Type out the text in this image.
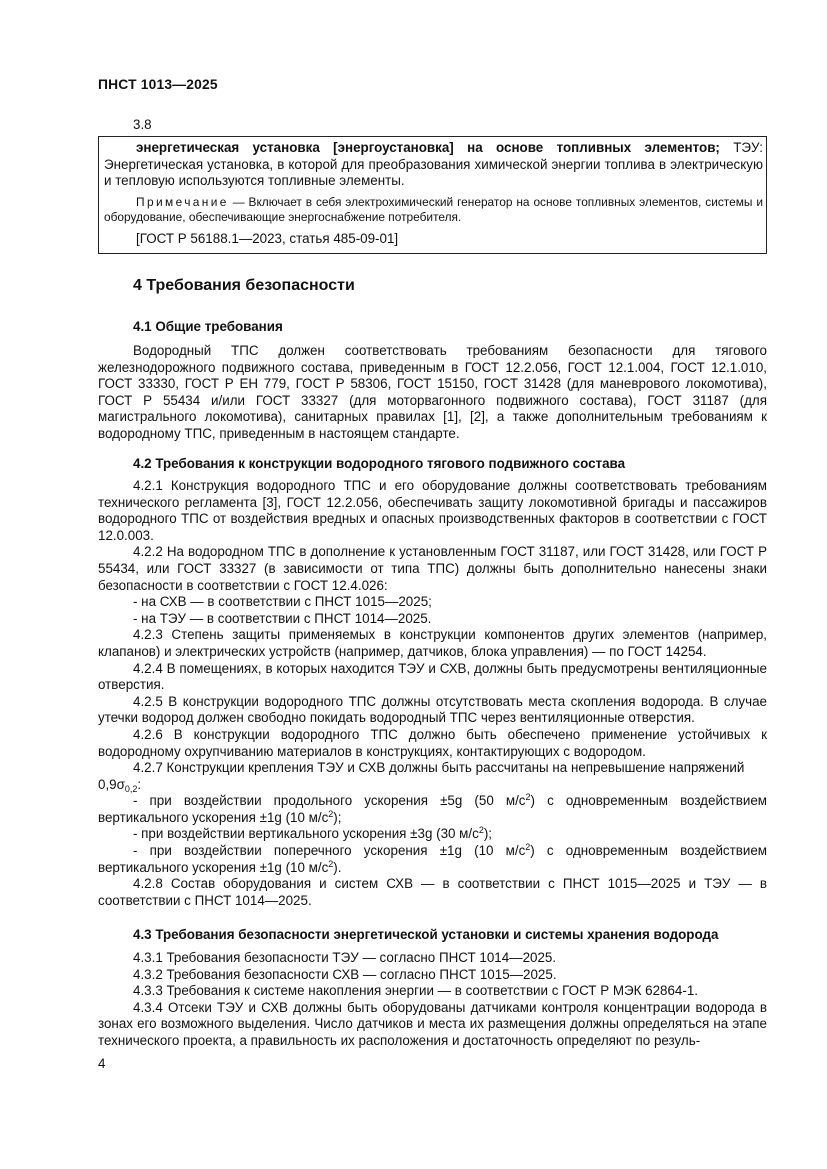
ПНСТ 1013—2025
3.8

энергетическая установка [энергоустановка] на основе топливных элементов; ТЭУ: Энергетическая установка, в которой для преобразования химической энергии топлива в электрическую и тепловую используются топливные элементы.

Примечание — Включает в себя электрохимический генератор на основе топливных элементов, системы и оборудование, обеспечивающие энергоснабжение потребителя.

[ГОСТ Р 56188.1—2023, статья 485-09-01]

4 Требования безопасности
4.1 Общие требования

Водородный ТПС должен соответствовать требованиям безопасности для тягового железнодорожного подвижного состава, приведенным в ГОСТ 12.2.056, ГОСТ 12.1.004, ГОСТ 12.1.010, ГОСТ 33330, ГОСТ Р ЕН 779, ГОСТ Р 58306, ГОСТ 15150, ГОСТ 31428 (для маневрового локомотива), ГОСТ Р 55434 и/или ГОСТ 33327 (для моторвагонного подвижного состава), ГОСТ 31187 (для магистрального локомотива), санитарных правилах [1], [2], а также дополнительным требованиям к водородному ТПС, приведенным в настоящем стандарте.

4.2 Требования к конструкции водородного тягового подвижного состава

4.2.1 Конструкция водородного ТПС и его оборудование должны соответствовать требованиям технического регламента [3], ГОСТ 12.2.056, обеспечивать защиту локомотивной бригады и пассажиров водородного ТПС от воздействия вредных и опасных производственных факторов в соответствии с ГОСТ 12.0.003.

4.2.2 На водородном ТПС в дополнение к установленным ГОСТ 31187, или ГОСТ 31428, или ГОСТ Р 55434, или ГОСТ 33327 (в зависимости от типа ТПС) должны быть дополнительно нанесены знаки безопасности в соответствии с ГОСТ 12.4.026:

- на СХВ — в соответствии с ПНСТ 1015—2025;

- на ТЭУ — в соответствии с ПНСТ 1014—2025.

4.2.3 Степень защиты применяемых в конструкции компонентов других элементов (например, клапанов) и электрических устройств (например, датчиков, блока управления) — по ГОСТ 14254.

4.2.4 В помещениях, в которых находится ТЭУ и СХВ, должны быть предусмотрены вентиляционные отверстия.

4.2.5 В конструкции водородного ТПС должны отсутствовать места скопления водорода. В случае утечки водород должен свободно покидать водородный ТПС через вентиляционные отверстия.

4.2.6 В конструкции водородного ТПС должно быть обеспечено применение устойчивых к водородному охрупчиванию материалов в конструкциях, контактирующих с водородом.

4.2.7 Конструкции крепления ТЭУ и СХВ должны быть рассчитаны на непревышение напряжений

$0,9\sigma_{0,2}$:

- при воздействии продольного ускорения ±5g (50 $м/с^2$) с одновременным воздействием вертикального ускорения ±1g (10 $м/с^2$);

- при воздействии вертикального ускорения ±3g (30 $м/с^2$);

- при воздействии поперечного ускорения ±1g (10 $м/с^2$) с одновременным воздействием вертикального ускорения ±1g (10 $м/с^2$).

4.2.8 Состав оборудования и систем СХВ — в соответствии с ПНСТ 1015—2025 и ТЭУ — в соответствии с ПНСТ 1014—2025.

4.3 Требования безопасности энергетической установки и системы хранения водорода

4.3.1 Требования безопасности ТЭУ — согласно ПНСТ 1014—2025.

4.3.2 Требования безопасности СХВ — согласно ПНСТ 1015—2025.

4.3.3 Требования к системе накопления энергии — в соответствии с ГОСТ Р МЭК 62864-1.

4.3.4 Отсеки ТЭУ и СХВ должны быть оборудованы датчиками контроля концентрации водорода в зонах его возможного выделения. Число датчиков и места их размещения должны определяться на этапе технического проекта, а правильность их расположения и достаточность определяют по резуль-

4
